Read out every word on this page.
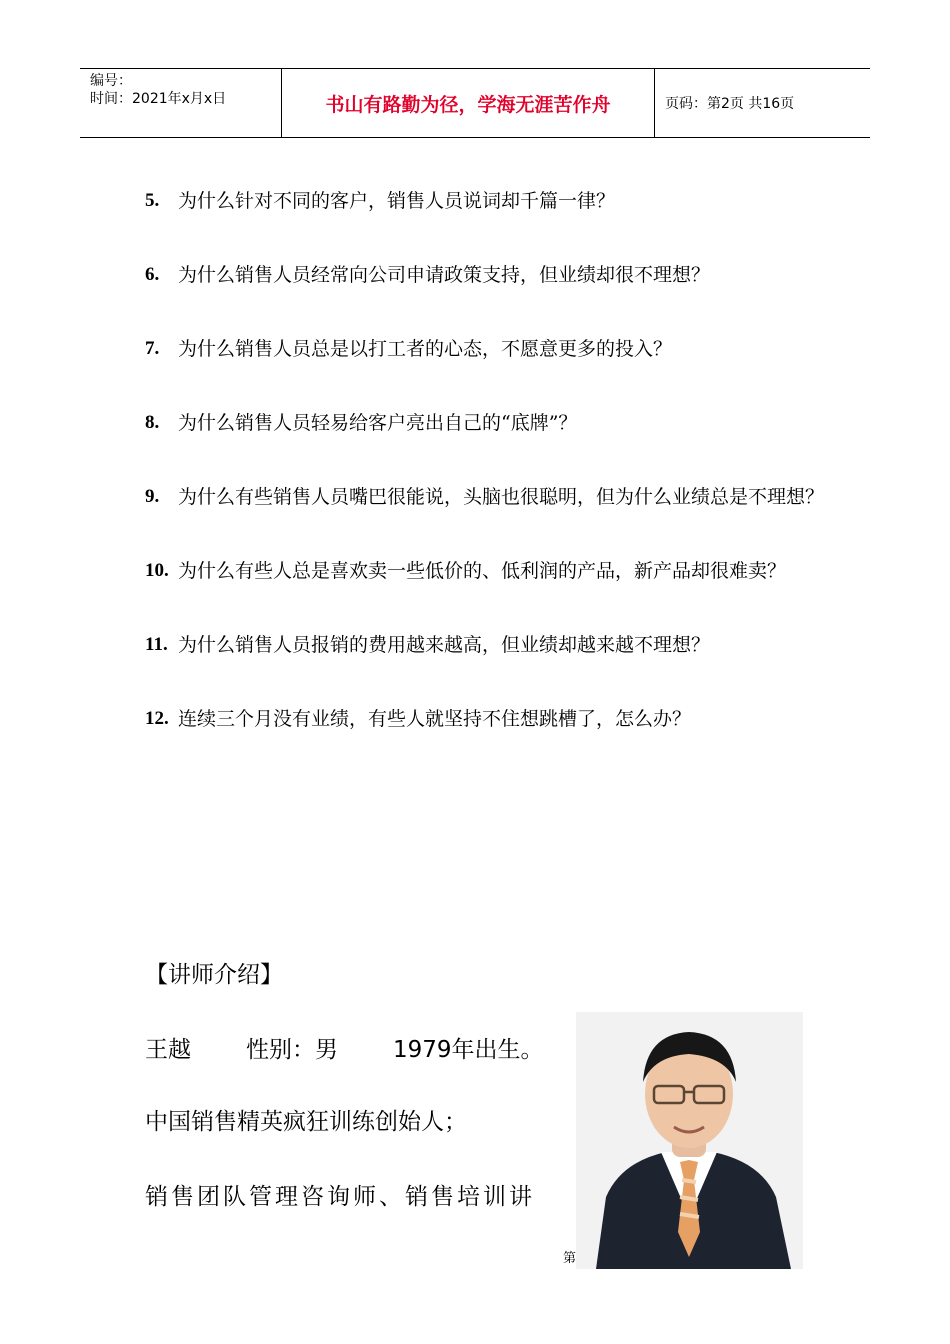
编号：
时间：2021年x月x日	书山有路勤为径，学海无涯苦作舟	页码：第2页 共16页
5. 为什么针对不同的客户，销售人员说词却千篇一律？
6. 为什么销售人员经常向公司申请政策支持，但业绩却很不理想？
7. 为什么销售人员总是以打工者的心态，不愿意更多的投入？
8. 为什么销售人员轻易给客户亮出自己的“底牌”？
9. 为什么有些销售人员嘴巴很能说，头脑也很聪明，但为什么业绩总是不理想？
10. 为什么有些人总是喜欢卖一些低价的、低利润的产品，新产品却很难卖？
11. 为什么销售人员报销的费用越来越高，但业绩却越来越不理想？
12. 连续三个月没有业绩，有些人就坚持不住想跳槽了，怎么办？
【讲师介绍】
王越 性别：男 1979年出生。
中国销售精英疯狂训练创始人；
销售团队管理咨询师、销售培训讲
第
